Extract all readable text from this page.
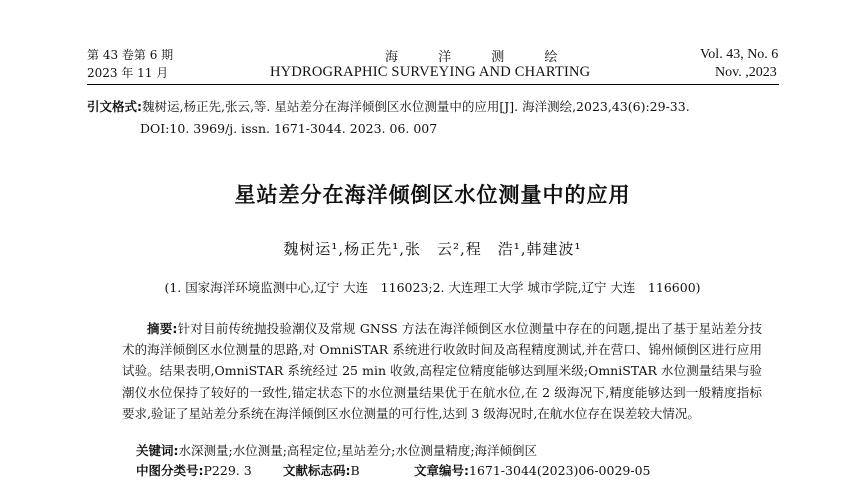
第 43 卷第 6 期
2023 年 11 月
海 洋 测 绘
HYDROGRAPHIC SURVEYING AND CHARTING
Vol. 43, No. 6
Nov. ,2023
引文格式:魏树运,杨正先,张云,等. 星站差分在海洋倾倒区水位测量中的应用[J]. 海洋测绘,2023,43(6):29-33.
DOI:10. 3969/j. issn. 1671-3044. 2023. 06. 007
星站差分在海洋倾倒区水位测量中的应用
魏树运¹,杨正先¹,张　云²,程　浩¹,韩建波¹
(1. 国家海洋环境监测中心,辽宁 大连　116023;2. 大连理工大学 城市学院,辽宁 大连　116600)
摘要:针对目前传统抛投验潮仪及常规 GNSS 方法在海洋倾倒区水位测量中存在的问题,提出了基于星站差分技术的海洋倾倒区水位测量的思路,对 OmniSTAR 系统进行收敛时间及高程精度测试,并在营口、锦州倾倒区进行应用试验。结果表明,OmniSTAR 系统经过 25 min 收敛,高程定位精度能够达到厘米级;OmniSTAR 水位测量结果与验潮仪水位保持了较好的一致性,锚定状态下的水位测量结果优于在航水位,在 2 级海况下,精度能够达到一般精度指标要求,验证了星站差分系统在海洋倾倒区水位测量的可行性,达到 3 级海况时,在航水位存在误差较大情况。
关键词:水深测量;水位测量;高程定位;星站差分;水位测量精度;海洋倾倒区
中图分类号:P229. 3	文献标志码:B	文章编号:1671-3044(2023)06-0029-05
